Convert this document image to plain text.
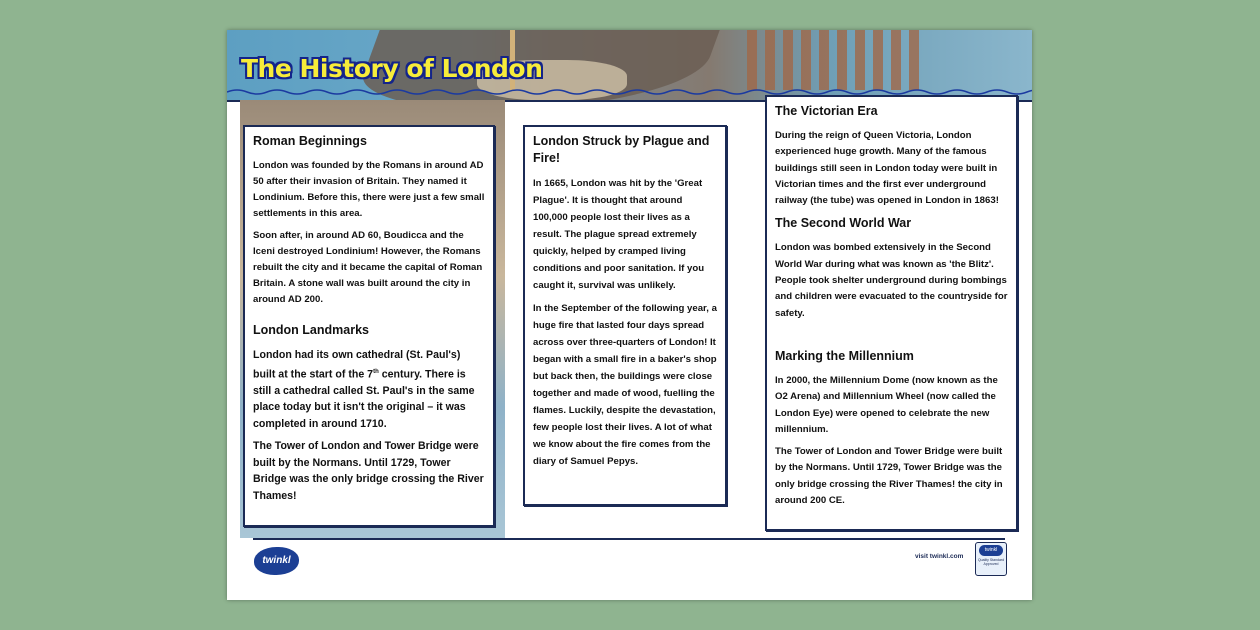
The History of London
Roman Beginnings

London was founded by the Romans in around AD 50 after their invasion of Britain. They named it Londinium. Before this, there were just a few small settlements in this area.

Soon after, in around AD 60, Boudicca and the Iceni destroyed Londinium! However, the Romans rebuilt the city and it became the capital of Roman Britain. A stone wall was built around the city in around AD 200.

London Landmarks

London had its own cathedral (St. Paul's) built at the start of the 7th century. There is still a cathedral called St. Paul's in the same place today but it isn't the original – it was completed in around 1710.

The Tower of London and Tower Bridge were built by the Normans. Until 1729, Tower Bridge was the only bridge crossing the River Thames!

London Struck by Plague and Fire!

In 1665, London was hit by the 'Great Plague'. It is thought that around 100,000 people lost their lives as a result. The plague spread extremely quickly, helped by cramped living conditions and poor sanitation. If you caught it, survival was unlikely.

In the September of the following year, a huge fire that lasted four days spread across over three-quarters of London! It began with a small fire in a baker's shop but back then, the buildings were close together and made of wood, fuelling the flames. Luckily, despite the devastation, few people lost their lives. A lot of what we know about the fire comes from the diary of Samuel Pepys.

The Victorian Era

During the reign of Queen Victoria, London experienced huge growth. Many of the famous buildings still seen in London today were built in Victorian times and the first ever underground railway (the tube) was opened in London in 1863!

The Second World War

London was bombed extensively in the Second World War during what was known as 'the Blitz'. People took shelter underground during bombings and children were evacuated to the countryside for safety.

Marking the Millennium

In 2000, the Millennium Dome (now known as the O2 Arena) and Millennium Wheel (now called the London Eye) were opened to celebrate the new millennium.

The Tower of London and Tower Bridge were built by the Normans. Until 1729, Tower Bridge was the only bridge crossing the River Thames! the city in around 200 CE.

twinkl	visit twinkl.com
twinkl
Quality Standard Approved
